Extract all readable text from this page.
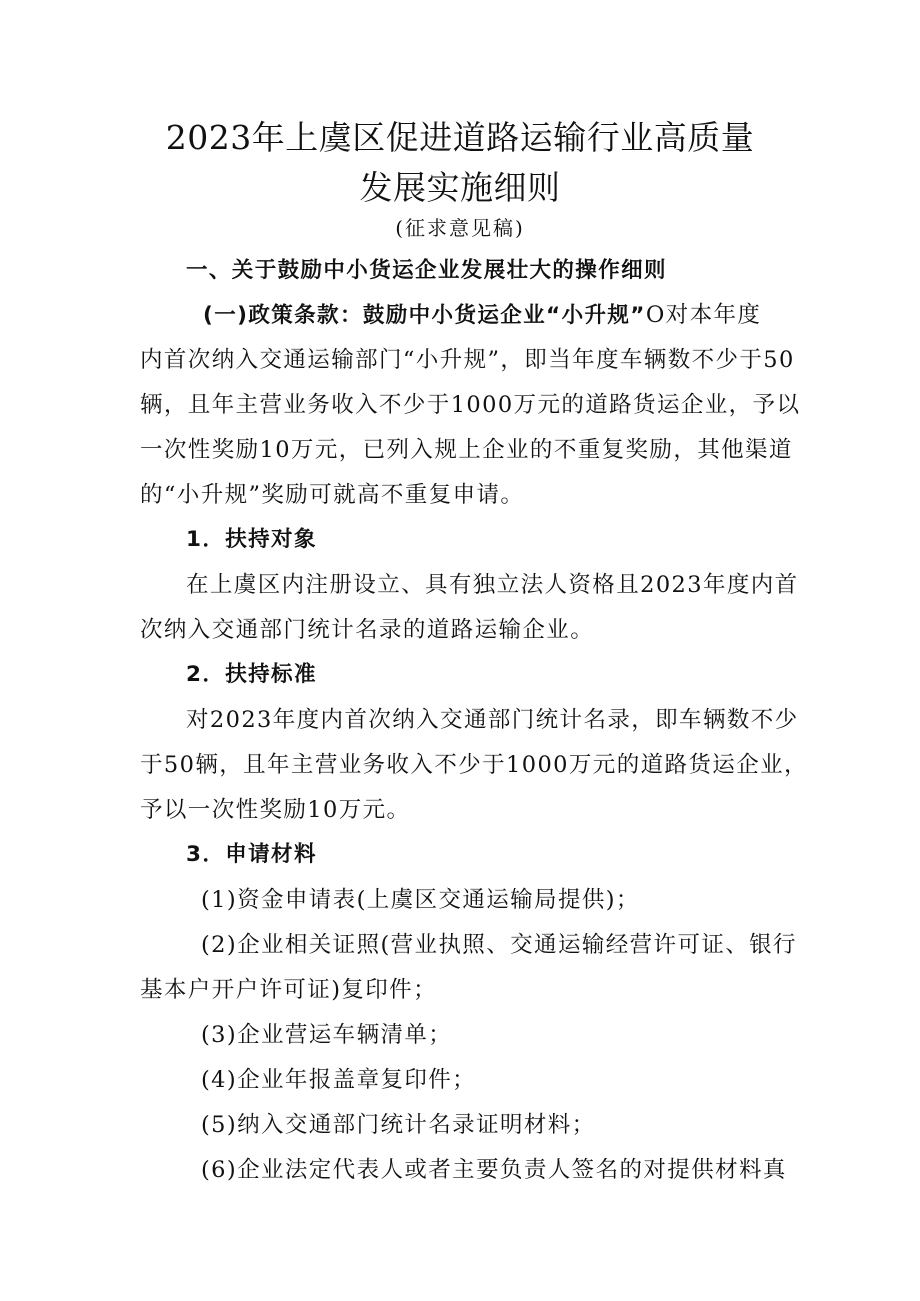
2023年上虞区促进道路运输行业高质量
发展实施细则
(征求意见稿)
一、关于鼓励中小货运企业发展壮大的操作细则
(一)政策条款：鼓励中小货运企业“小升规”O对本年度
内首次纳入交通运输部门“小升规”，即当年度车辆数不少于50
辆，且年主营业务收入不少于1000万元的道路货运企业，予以
一次性奖励10万元，已列入规上企业的不重复奖励，其他渠道
的“小升规”奖励可就高不重复申请。
1．扶持对象
在上虞区内注册设立、具有独立法人资格且2023年度内首
次纳入交通部门统计名录的道路运输企业。
2．扶持标准
对2023年度内首次纳入交通部门统计名录，即车辆数不少
于50辆，且年主营业务收入不少于1000万元的道路货运企业，
予以一次性奖励10万元。
3．申请材料
(1)资金申请表(上虞区交通运输局提供)；
(2)企业相关证照(营业执照、交通运输经营许可证、银行
基本户开户许可证)复印件；
(3)企业营运车辆清单；
(4)企业年报盖章复印件；
(5)纳入交通部门统计名录证明材料；
(6)企业法定代表人或者主要负责人签名的对提供材料真
